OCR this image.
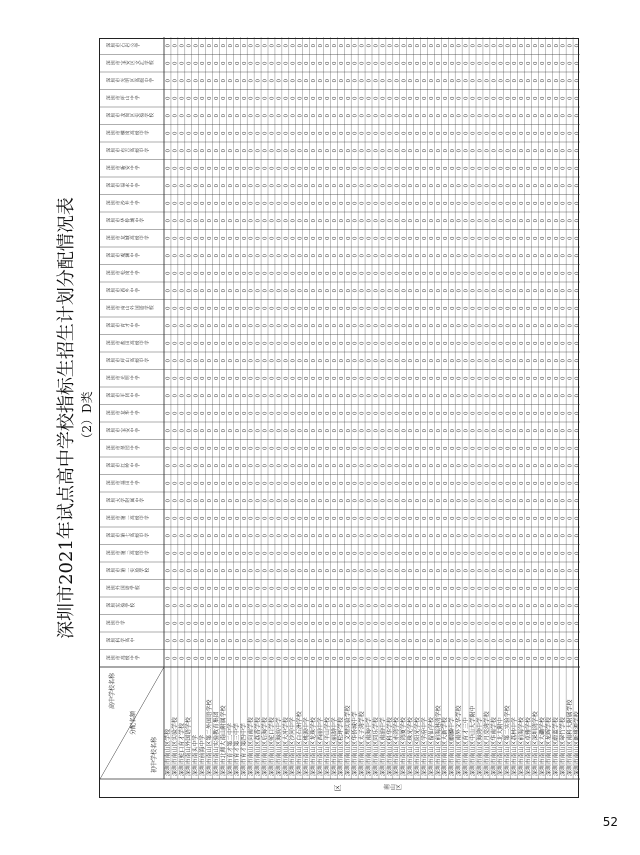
深圳市2021年试点高中学校指标生招生计划分配情况表 （2）D类
区
高中学校名称
分配名额
初中学校名称
深圳市高级中学
深圳科学高中
深圳中学
深圳实验学校
深圳外国语学校
深圳市第二实验学校
深圳市第三高级中学
深圳市第七高级中学
深圳市第二高级中学
深圳大学附属中学
深圳市福田中学
深圳市红岭中学
深圳市翠园中学
深圳市宝安中学
深圳市龙华中学
深圳市平冈中学
深圳市光明中学
深圳市坪山高级中学
深圳市盐田高级中学
深圳市育才中学
深圳市南山外国语学校
深圳市西乡中学
深圳市松岗中学
深圳市观澜中学
深圳市龙城高级中学
深圳市华侨城中学
深圳市沙井中学
深圳市福永中学
深圳市新安中学
深圳市布吉高级中学
深圳市横岗高级中学
深圳市龙岗区实验学校
深圳市坪山中学
深圳市光明区高级中学
深圳市宝安区文汇学校
深圳市石岩公学
深圳市南山区学校
0
0
0
0
0
0
0
0
0
0
0
0
0
0
0
0
0
0
0
0
0
0
0
0
0
0
0
0
0
0
0
0
0
0
0
0
深圳市南山区实验学校
0
0
0
0
0
0
0
0
0
0
0
0
0
0
0
0
0
0
0
0
0
0
0
0
0
0
0
0
0
0
0
0
0
0
0
0
深圳市蛇口育才学校
0
0
0
0
0
0
0
0
0
0
0
0
0
0
0
0
0
0
0
0
0
0
0
0
0
0
0
0
0
0
0
0
0
0
0
0
深圳市南山外国语学校
0
0
0
0
0
0
0
0
0
0
0
0
0
0
0
0
0
0
0
0
0
0
0
0
0
0
0
0
0
0
0
0
0
0
0
0
深圳市南头中学
0
0
0
0
0
0
0
0
0
0
0
0
0
0
0
0
0
0
0
0
0
0
0
0
0
0
0
0
0
0
0
0
0
0
0
0
深圳市前海中学
0
0
0
0
0
0
0
0
0
0
0
0
0
0
0
0
0
0
0
0
0
0
0
0
0
0
0
0
0
0
0
0
0
0
0
0
深圳市南山区第二外国语学校
0
0
0
0
0
0
0
0
0
0
0
0
0
0
0
0
0
0
0
0
0
0
0
0
0
0
0
0
0
0
0
0
0
0
0
0
深圳市南山实验教育集团
0
0
0
0
0
0
0
0
0
0
0
0
0
0
0
0
0
0
0
0
0
0
0
0
0
0
0
0
0
0
0
0
0
0
0
0
深圳市北师大南山附属学校
0
0
0
0
0
0
0
0
0
0
0
0
0
0
0
0
0
0
0
0
0
0
0
0
0
0
0
0
0
0
0
0
0
0
0
0
深圳市育才第二中学
0
0
0
0
0
0
0
0
0
0
0
0
0
0
0
0
0
0
0
0
0
0
0
0
0
0
0
0
0
0
0
0
0
0
0
0
深圳市育才第三中学
0
0
0
0
0
0
0
0
0
0
0
0
0
0
0
0
0
0
0
0
0
0
0
0
0
0
0
0
0
0
0
0
0
0
0
0
深圳市育才第四中学
0
0
0
0
0
0
0
0
0
0
0
0
0
0
0
0
0
0
0
0
0
0
0
0
0
0
0
0
0
0
0
0
0
0
0
0
深圳市南山区向南学校
0
0
0
0
0
0
0
0
0
0
0
0
0
0
0
0
0
0
0
0
0
0
0
0
0
0
0
0
0
0
0
0
0
0
0
0
深圳市南山区荔香学校
0
0
0
0
0
0
0
0
0
0
0
0
0
0
0
0
0
0
0
0
0
0
0
0
0
0
0
0
0
0
0
0
0
0
0
0
深圳市南山区后海学校
0
0
0
0
0
0
0
0
0
0
0
0
0
0
0
0
0
0
0
0
0
0
0
0
0
0
0
0
0
0
0
0
0
0
0
0
深圳市南山区蛇口学校
0
0
0
0
0
0
0
0
0
0
0
0
0
0
0
0
0
0
0
0
0
0
0
0
0
0
0
0
0
0
0
0
0
0
0
0
深圳市南山区海滨中学
0
0
0
0
0
0
0
0
0
0
0
0
0
0
0
0
0
0
0
0
0
0
0
0
0
0
0
0
0
0
0
0
0
0
0
0
深圳市南山区大冲学校
0
0
0
0
0
0
0
0
0
0
0
0
0
0
0
0
0
0
0
0
0
0
0
0
0
0
0
0
0
0
0
0
0
0
0
0
深圳市南山区沙河中学
0
0
0
0
0
0
0
0
0
0
0
0
0
0
0
0
0
0
0
0
0
0
0
0
0
0
0
0
0
0
0
0
0
0
0
0
深圳市南山区白石洲学校
0
0
0
0
0
0
0
0
0
0
0
0
0
0
0
0
0
0
0
0
0
0
0
0
0
0
0
0
0
0
0
0
0
0
0
0
深圳市南山区桃源中学
0
0
0
0
0
0
0
0
0
0
0
0
0
0
0
0
0
0
0
0
0
0
0
0
0
0
0
0
0
0
0
0
0
0
0
0
深圳市南山区龙珠学校
0
0
0
0
0
0
0
0
0
0
0
0
0
0
0
0
0
0
0
0
0
0
0
0
0
0
0
0
0
0
0
0
0
0
0
0
深圳市南山区西丽中学
0
0
0
0
0
0
0
0
0
0
0
0
0
0
0
0
0
0
0
0
0
0
0
0
0
0
0
0
0
0
0
0
0
0
0
0
深圳市南山区平山学校
0
0
0
0
0
0
0
0
0
0
0
0
0
0
0
0
0
0
0
0
0
0
0
0
0
0
0
0
0
0
0
0
0
0
0
0
深圳市南山区丽湖中学
0
0
0
0
0
0
0
0
0
0
0
0
0
0
0
0
0
0
0
0
0
0
0
0
0
0
0
0
0
0
0
0
0
0
0
0
深圳市南山区松坪学校
0
0
0
0
0
0
0
0
0
0
0
0
0
0
0
0
0
0
0
0
0
0
0
0
0
0
0
0
0
0
0
0
0
0
0
0
深圳市南山区文理实验学校
0
0
0
0
0
0
0
0
0
0
0
0
0
0
0
0
0
0
0
0
0
0
0
0
0
0
0
0
0
0
0
0
0
0
0
0
深圳市南山区华侨城中学
0
0
0
0
0
0
0
0
0
0
0
0
0
0
0
0
0
0
0
0
0
0
0
0
0
0
0
0
0
0
0
0
0
0
0
0
深圳市南山区太子湾学校
0
0
0
0
0
0
0
0
0
0
0
0
0
0
0
0
0
0
0
0
0
0
0
0
0
0
0
0
0
0
0
0
0
0
0
0
深圳市南山区南海中学
0
0
0
0
0
0
0
0
0
0
0
0
0
0
0
0
0
0
0
0
0
0
0
0
0
0
0
0
0
0
0
0
0
0
0
0
深圳市南山区同乐学校
0
0
0
0
0
0
0
0
0
0
0
0
0
0
0
0
0
0
0
0
0
0
0
0
0
0
0
0
0
0
0
0
0
0
0
0
深圳市南山区南油中学
0
0
0
0
0
0
0
0
0
0
0
0
0
0
0
0
0
0
0
0
0
0
0
0
0
0
0
0
0
0
0
0
0
0
0
0
深圳市南山区科华学校
0
0
0
0
0
0
0
0
0
0
0
0
0
0
0
0
0
0
0
0
0
0
0
0
0
0
0
0
0
0
0
0
0
0
0
0
深圳市南山区赤湾学校
0
0
0
0
0
0
0
0
0
0
0
0
0
0
0
0
0
0
0
0
0
0
0
0
0
0
0
0
0
0
0
0
0
0
0
0
深圳市南山区湾厦学校
0
0
0
0
0
0
0
0
0
0
0
0
0
0
0
0
0
0
0
0
0
0
0
0
0
0
0
0
0
0
0
0
0
0
0
0
深圳市南山区珠光学校
0
0
0
0
0
0
0
0
0
0
0
0
0
0
0
0
0
0
0
0
0
0
0
0
0
0
0
0
0
0
0
0
0
0
0
0
深圳市南山区阳光学校
0
0
0
0
0
0
0
0
0
0
0
0
0
0
0
0
0
0
0
0
0
0
0
0
0
0
0
0
0
0
0
0
0
0
0
0
深圳市南山区学府中学
0
0
0
0
0
0
0
0
0
0
0
0
0
0
0
0
0
0
0
0
0
0
0
0
0
0
0
0
0
0
0
0
0
0
0
0
深圳市南山区留仙学校
0
0
0
0
0
0
0
0
0
0
0
0
0
0
0
0
0
0
0
0
0
0
0
0
0
0
0
0
0
0
0
0
0
0
0
0
深圳市南山区前海港湾学校
0
0
0
0
0
0
0
0
0
0
0
0
0
0
0
0
0
0
0
0
0
0
0
0
0
0
0
0
0
0
0
0
0
0
0
0
深圳市南山区大新学校
0
0
0
0
0
0
0
0
0
0
0
0
0
0
0
0
0
0
0
0
0
0
0
0
0
0
0
0
0
0
0
0
0
0
0
0
深圳市南山区麒麟中学
0
0
0
0
0
0
0
0
0
0
0
0
0
0
0
0
0
0
0
0
0
0
0
0
0
0
0
0
0
0
0
0
0
0
0
0
深圳市南山区南外文华学校
0
0
0
0
0
0
0
0
0
0
0
0
0
0
0
0
0
0
0
0
0
0
0
0
0
0
0
0
0
0
0
0
0
0
0
0
深圳市南山区育才三中
0
0
0
0
0
0
0
0
0
0
0
0
0
0
0
0
0
0
0
0
0
0
0
0
0
0
0
0
0
0
0
0
0
0
0
0
深圳市南山区中山大学附中
0
0
0
0
0
0
0
0
0
0
0
0
0
0
0
0
0
0
0
0
0
0
0
0
0
0
0
0
0
0
0
0
0
0
0
0
深圳市南山区海湾中学
0
0
0
0
0
0
0
0
0
0
0
0
0
0
0
0
0
0
0
0
0
0
0
0
0
0
0
0
0
0
0
0
0
0
0
0
深圳市南山区月亮湾学校
0
0
0
0
0
0
0
0
0
0
0
0
0
0
0
0
0
0
0
0
0
0
0
0
0
0
0
0
0
0
0
0
0
0
0
0
深圳市南山区华南学校
0
0
0
0
0
0
0
0
0
0
0
0
0
0
0
0
0
0
0
0
0
0
0
0
0
0
0
0
0
0
0
0
0
0
0
0
深圳市南山区北大附中
0
0
0
0
0
0
0
0
0
0
0
0
0
0
0
0
0
0
0
0
0
0
0
0
0
0
0
0
0
0
0
0
0
0
0
0
深圳市南山区第二实验学校
0
0
0
0
0
0
0
0
0
0
0
0
0
0
0
0
0
0
0
0
0
0
0
0
0
0
0
0
0
0
0
0
0
0
0
0
深圳市南山区荔林中学
0
0
0
0
0
0
0
0
0
0
0
0
0
0
0
0
0
0
0
0
0
0
0
0
0
0
0
0
0
0
0
0
0
0
0
0
深圳市南山区前海学校
0
0
0
0
0
0
0
0
0
0
0
0
0
0
0
0
0
0
0
0
0
0
0
0
0
0
0
0
0
0
0
0
0
0
0
0
深圳市南山区卓雅学校
0
0
0
0
0
0
0
0
0
0
0
0
0
0
0
0
0
0
0
0
0
0
0
0
0
0
0
0
0
0
0
0
0
0
0
0
深圳市南山区深圳湾学校
0
0
0
0
0
0
0
0
0
0
0
0
0
0
0
0
0
0
0
0
0
0
0
0
0
0
0
0
0
0
0
0
0
0
0
0
深圳市南山区大磡学校
0
0
0
0
0
0
0
0
0
0
0
0
0
0
0
0
0
0
0
0
0
0
0
0
0
0
0
0
0
0
0
0
0
0
0
0
深圳市南山区龙辉学校
0
0
0
0
0
0
0
0
0
0
0
0
0
0
0
0
0
0
0
0
0
0
0
0
0
0
0
0
0
0
0
0
0
0
0
0
深圳市南山区蔚蓝学校
0
0
0
0
0
0
0
0
0
0
0
0
0
0
0
0
0
0
0
0
0
0
0
0
0
0
0
0
0
0
0
0
0
0
0
0
深圳市南山区翠竹学校
0
0
0
0
0
0
0
0
0
0
0
0
0
0
0
0
0
0
0
0
0
0
0
0
0
0
0
0
0
0
0
0
0
0
0
0
深圳市南山区南科大附属学校
0
0
0
0
0
0
0
0
0
0
0
0
0
0
0
0
0
0
0
0
0
0
0
0
0
0
0
0
0
0
0
0
0
0
0
0
深圳市南山区新桃源学校
0
0
0
0
0
0
0
0
0
0
0
0
0
0
0
0
0
0
0
0
0
0
0
0
0
0
0
0
0
0
0
0
0
0
0
0
南山区
52
